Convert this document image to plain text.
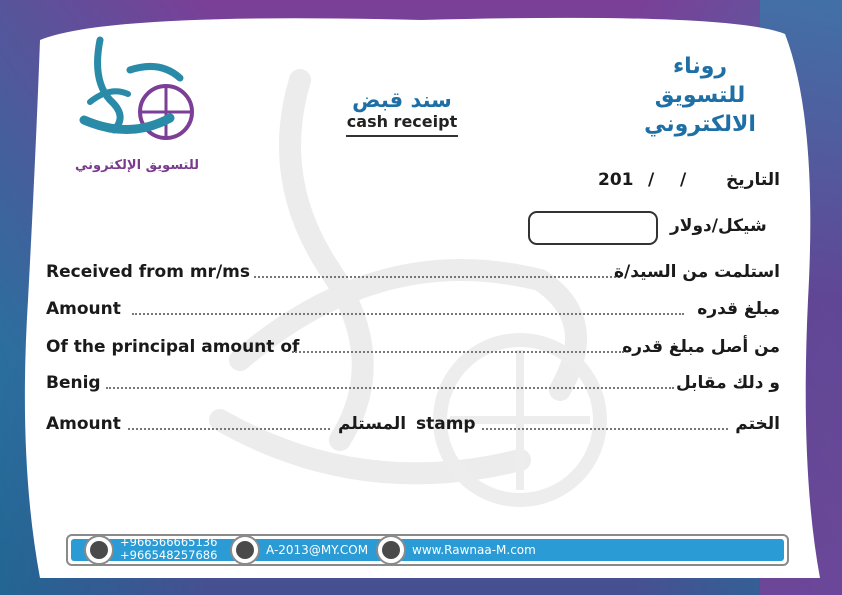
للتسويق الإلكتروني
سند قبض
cash receipt
روناء
للتسويق
الالكتروني
201 / / التاريخ
شيكل/دولار
Received from mr/ms	استلمت من السيد/ة
Amount	مبلغ قدره
Of the principal amount of	من أصل مبلغ قدره
Benig	و دلك مقابل
Amount	المستلم stamp	الختم
+966566665136
+966548257686	A-2013@MY.COM	www.Rawnaa-M.com
